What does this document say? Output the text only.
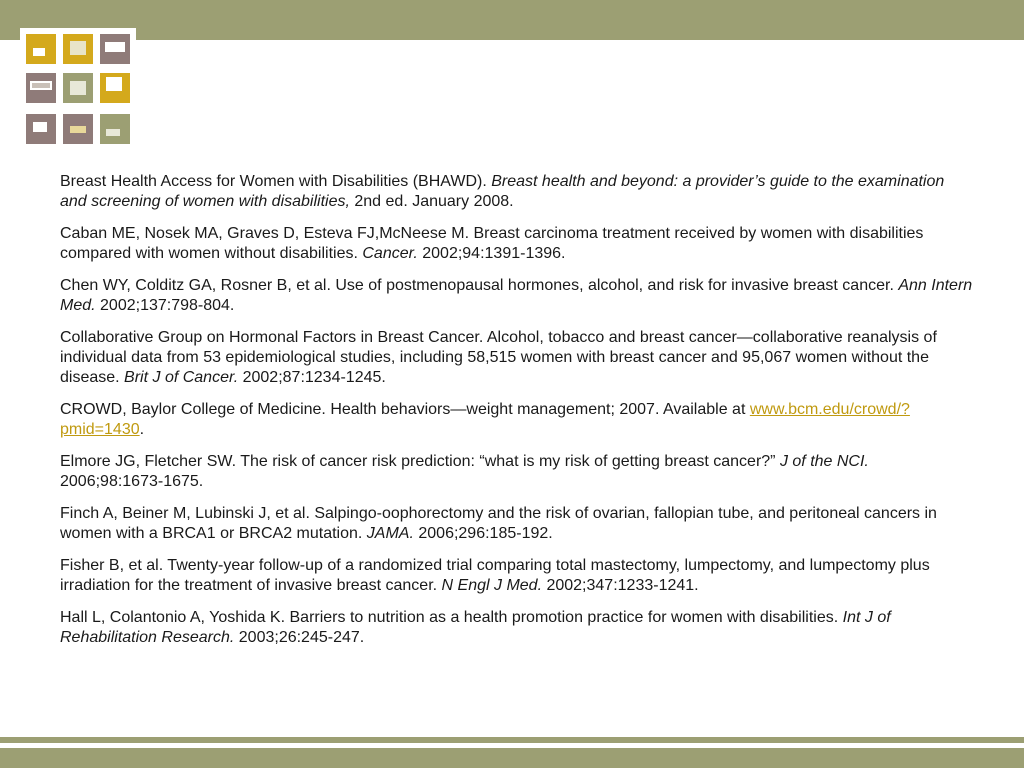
Breast Health Access for Women with Disabilities (BHAWD). Breast health and beyond: a provider’s guide to the examination and screening of women with disabilities, 2nd ed. January 2008.

Caban ME, Nosek MA, Graves D, Esteva FJ,McNeese M. Breast carcinoma treatment received by women with disabilities compared with women without disabilities. Cancer. 2002;94:1391-1396.

Chen WY, Colditz GA, Rosner B, et al. Use of postmenopausal hormones, alcohol, and risk for invasive breast cancer. Ann Intern Med. 2002;137:798-804.

Collaborative Group on Hormonal Factors in Breast Cancer. Alcohol, tobacco and breast cancer—collaborative reanalysis of individual data from 53 epidemiological studies, including 58,515 women with breast cancer and 95,067 women without the disease. Brit J of Cancer. 2002;87:1234-1245.

CROWD, Baylor College of Medicine. Health behaviors—weight management; 2007. Available at www.bcm.edu/crowd/?pmid=1430.

Elmore JG, Fletcher SW. The risk of cancer risk prediction: “what is my risk of getting breast cancer?” J of the NCI. 2006;98:1673-1675.

Finch A, Beiner M, Lubinski J, et al. Salpingo-oophorectomy and the risk of ovarian, fallopian tube, and peritoneal cancers in women with a BRCA1 or BRCA2 mutation. JAMA. 2006;296:185-192.

Fisher B, et al. Twenty-year follow-up of a randomized trial comparing total mastectomy, lumpectomy, and lumpectomy plus irradiation for the treatment of invasive breast cancer. N Engl J Med. 2002;347:1233-1241.

Hall L, Colantonio A, Yoshida K. Barriers to nutrition as a health promotion practice for women with disabilities. Int J of Rehabilitation Research. 2003;26:245-247.
